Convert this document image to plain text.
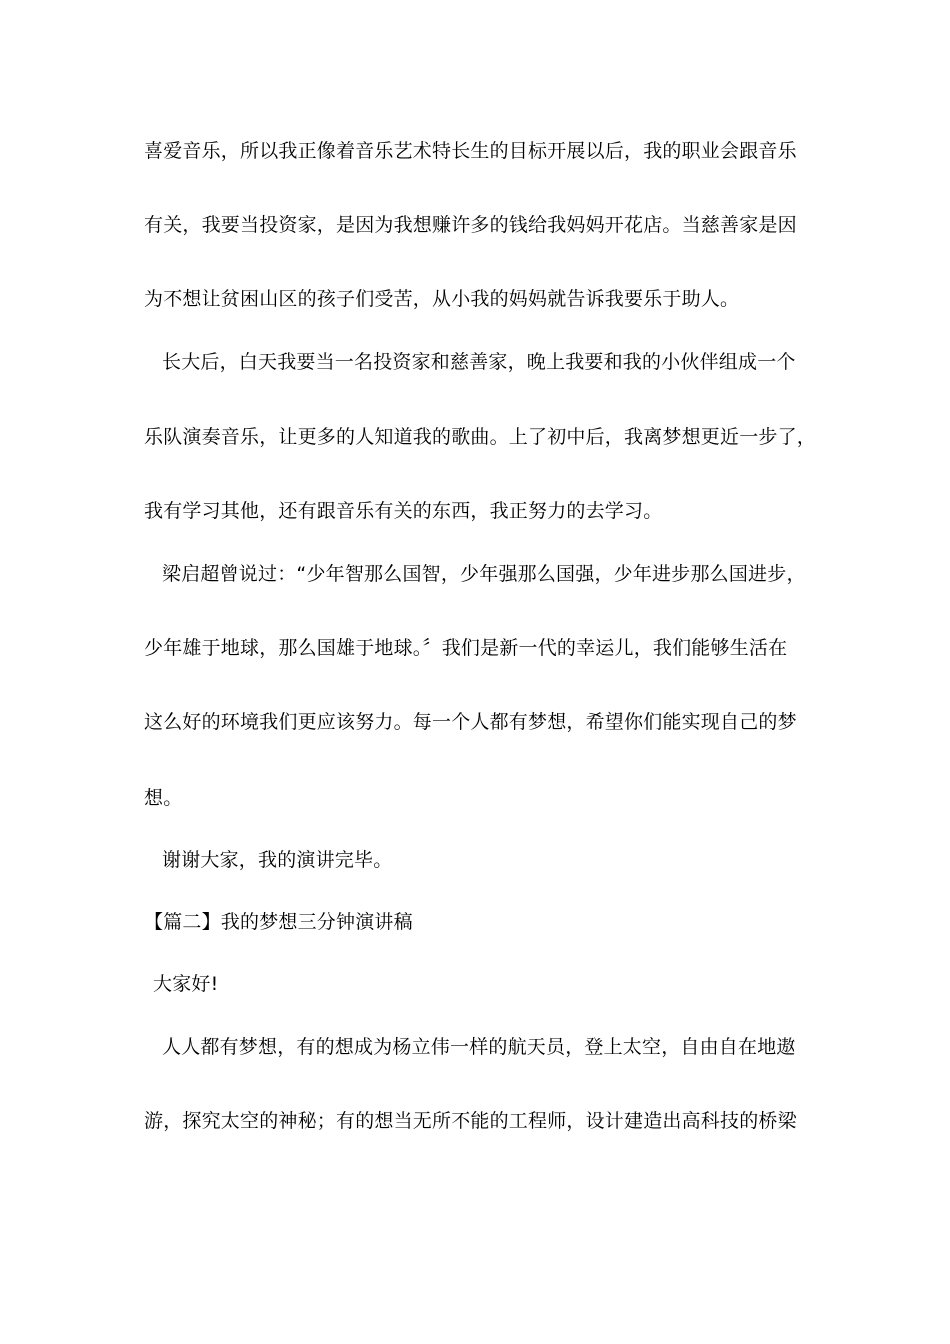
喜爱音乐，所以我正像着音乐艺术特长生的目标开展以后，我的职业会跟音乐
有关，我要当投资家，是因为我想赚许多的钱给我妈妈开花店。当慈善家是因
为不想让贫困山区的孩子们受苦，从小我的妈妈就告诉我要乐于助人。
长大后，白天我要当一名投资家和慈善家，晚上我要和我的小伙伴组成一个
乐队演奏音乐，让更多的人知道我的歌曲。上了初中后，我离梦想更近一步了，
我有学习其他，还有跟音乐有关的东西，我正努力的去学习。
梁启超曾说过：“少年智那么国智，少年强那么国强，少年进步那么国进步，
少年雄于地球，那么国雄于地球。〞我们是新一代的幸运儿，我们能够生活在
这么好的环境我们更应该努力。每一个人都有梦想，希望你们能实现自己的梦
想。
谢谢大家，我的演讲完毕。
【篇二】我的梦想三分钟演讲稿
大家好!
人人都有梦想，有的想成为杨立伟一样的航天员，登上太空，自由自在地遨
游，探究太空的神秘；有的想当无所不能的工程师，设计建造出高科技的桥梁
